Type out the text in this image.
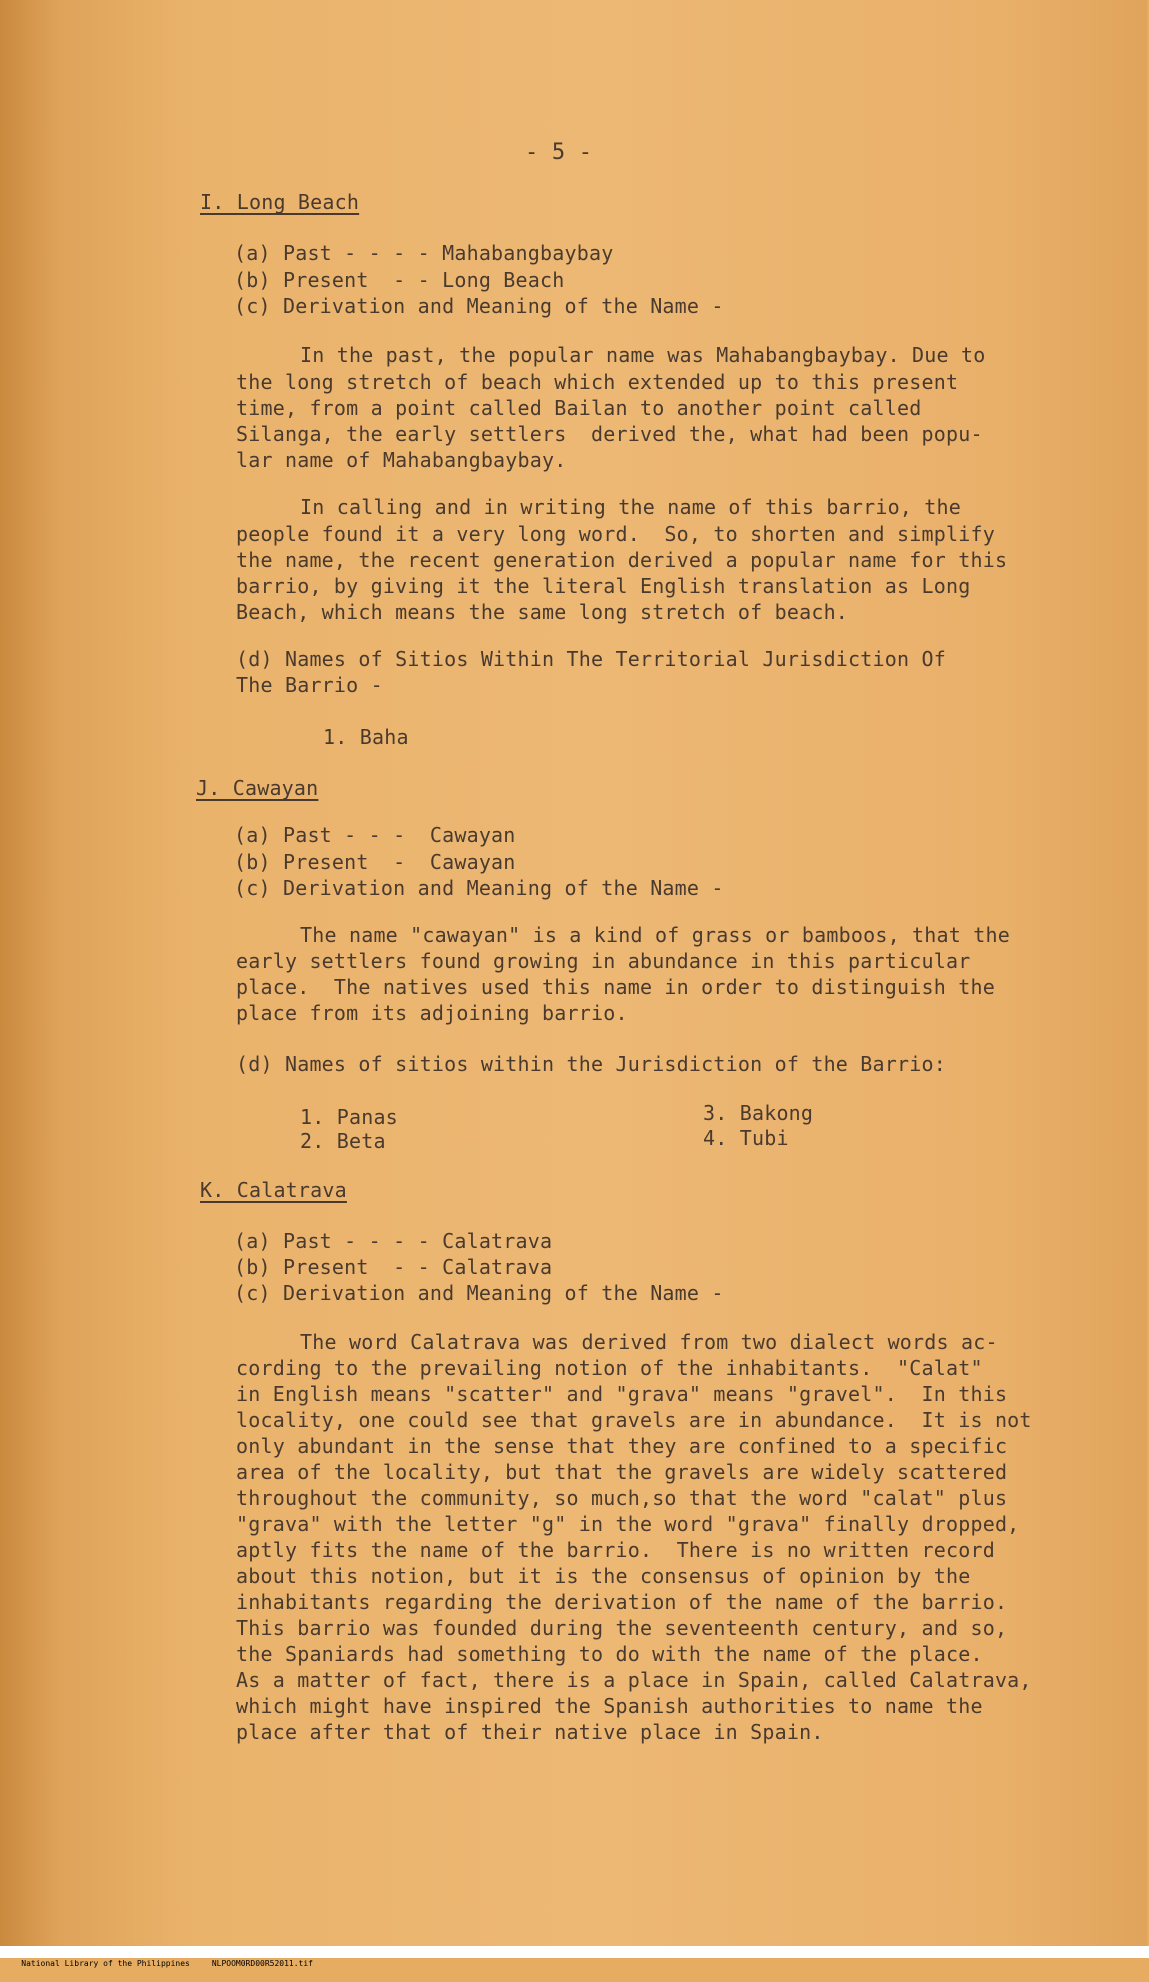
- 5 -
I. Long Beach
(a) Past - - - - Mahabangbaybay
(b) Present  - - Long Beach
(c) Derivation and Meaning of the Name -
In the past, the popular name was Mahabangbaybay. Due to
the long stretch of beach which extended up to this present
time, from a point called Bailan to another point called
Silanga, the early settlers  derived the, what had been popu-
lar name of Mahabangbaybay.
In calling and in writing the name of this barrio, the
people found it a very long word.  So, to shorten and simplify
the name, the recent generation derived a popular name for this
barrio, by giving it the literal English translation as Long
Beach, which means the same long stretch of beach.
(d) Names of Sitios Within The Territorial Jurisdiction Of
The Barrio -
1. Baha
J. Cawayan
(a) Past - - -  Cawayan
(b) Present  -  Cawayan
(c) Derivation and Meaning of the Name -
The name "cawayan" is a kind of grass or bamboos, that the
early settlers found growing in abundance in this particular
place.  The natives used this name in order to distinguish the
place from its adjoining barrio.
(d) Names of sitios within the Jurisdiction of the Barrio:
1. Panas
2. Beta
3. Bakong
4. Tubi
K. Calatrava
(a) Past - - - - Calatrava
(b) Present  - - Calatrava
(c) Derivation and Meaning of the Name -
The word Calatrava was derived from two dialect words ac-
cording to the prevailing notion of the inhabitants.  "Calat"
in English means "scatter" and "grava" means "gravel".  In this
locality, one could see that gravels are in abundance.  It is not
only abundant in the sense that they are confined to a specific
area of the locality, but that the gravels are widely scattered
throughout the community, so much,so that the word "calat" plus
"grava" with the letter "g" in the word "grava" finally dropped,
aptly fits the name of the barrio.  There is no written record
about this notion, but it is the consensus of opinion by the
inhabitants regarding the derivation of the name of the barrio.
This barrio was founded during the seventeenth century, and so,
the Spaniards had something to do with the name of the place.
As a matter of fact, there is a place in Spain, called Calatrava,
which might have inspired the Spanish authorities to name the
place after that of their native place in Spain.

National Library of the Philippines	NLPOOM0RD00R52011.tif
